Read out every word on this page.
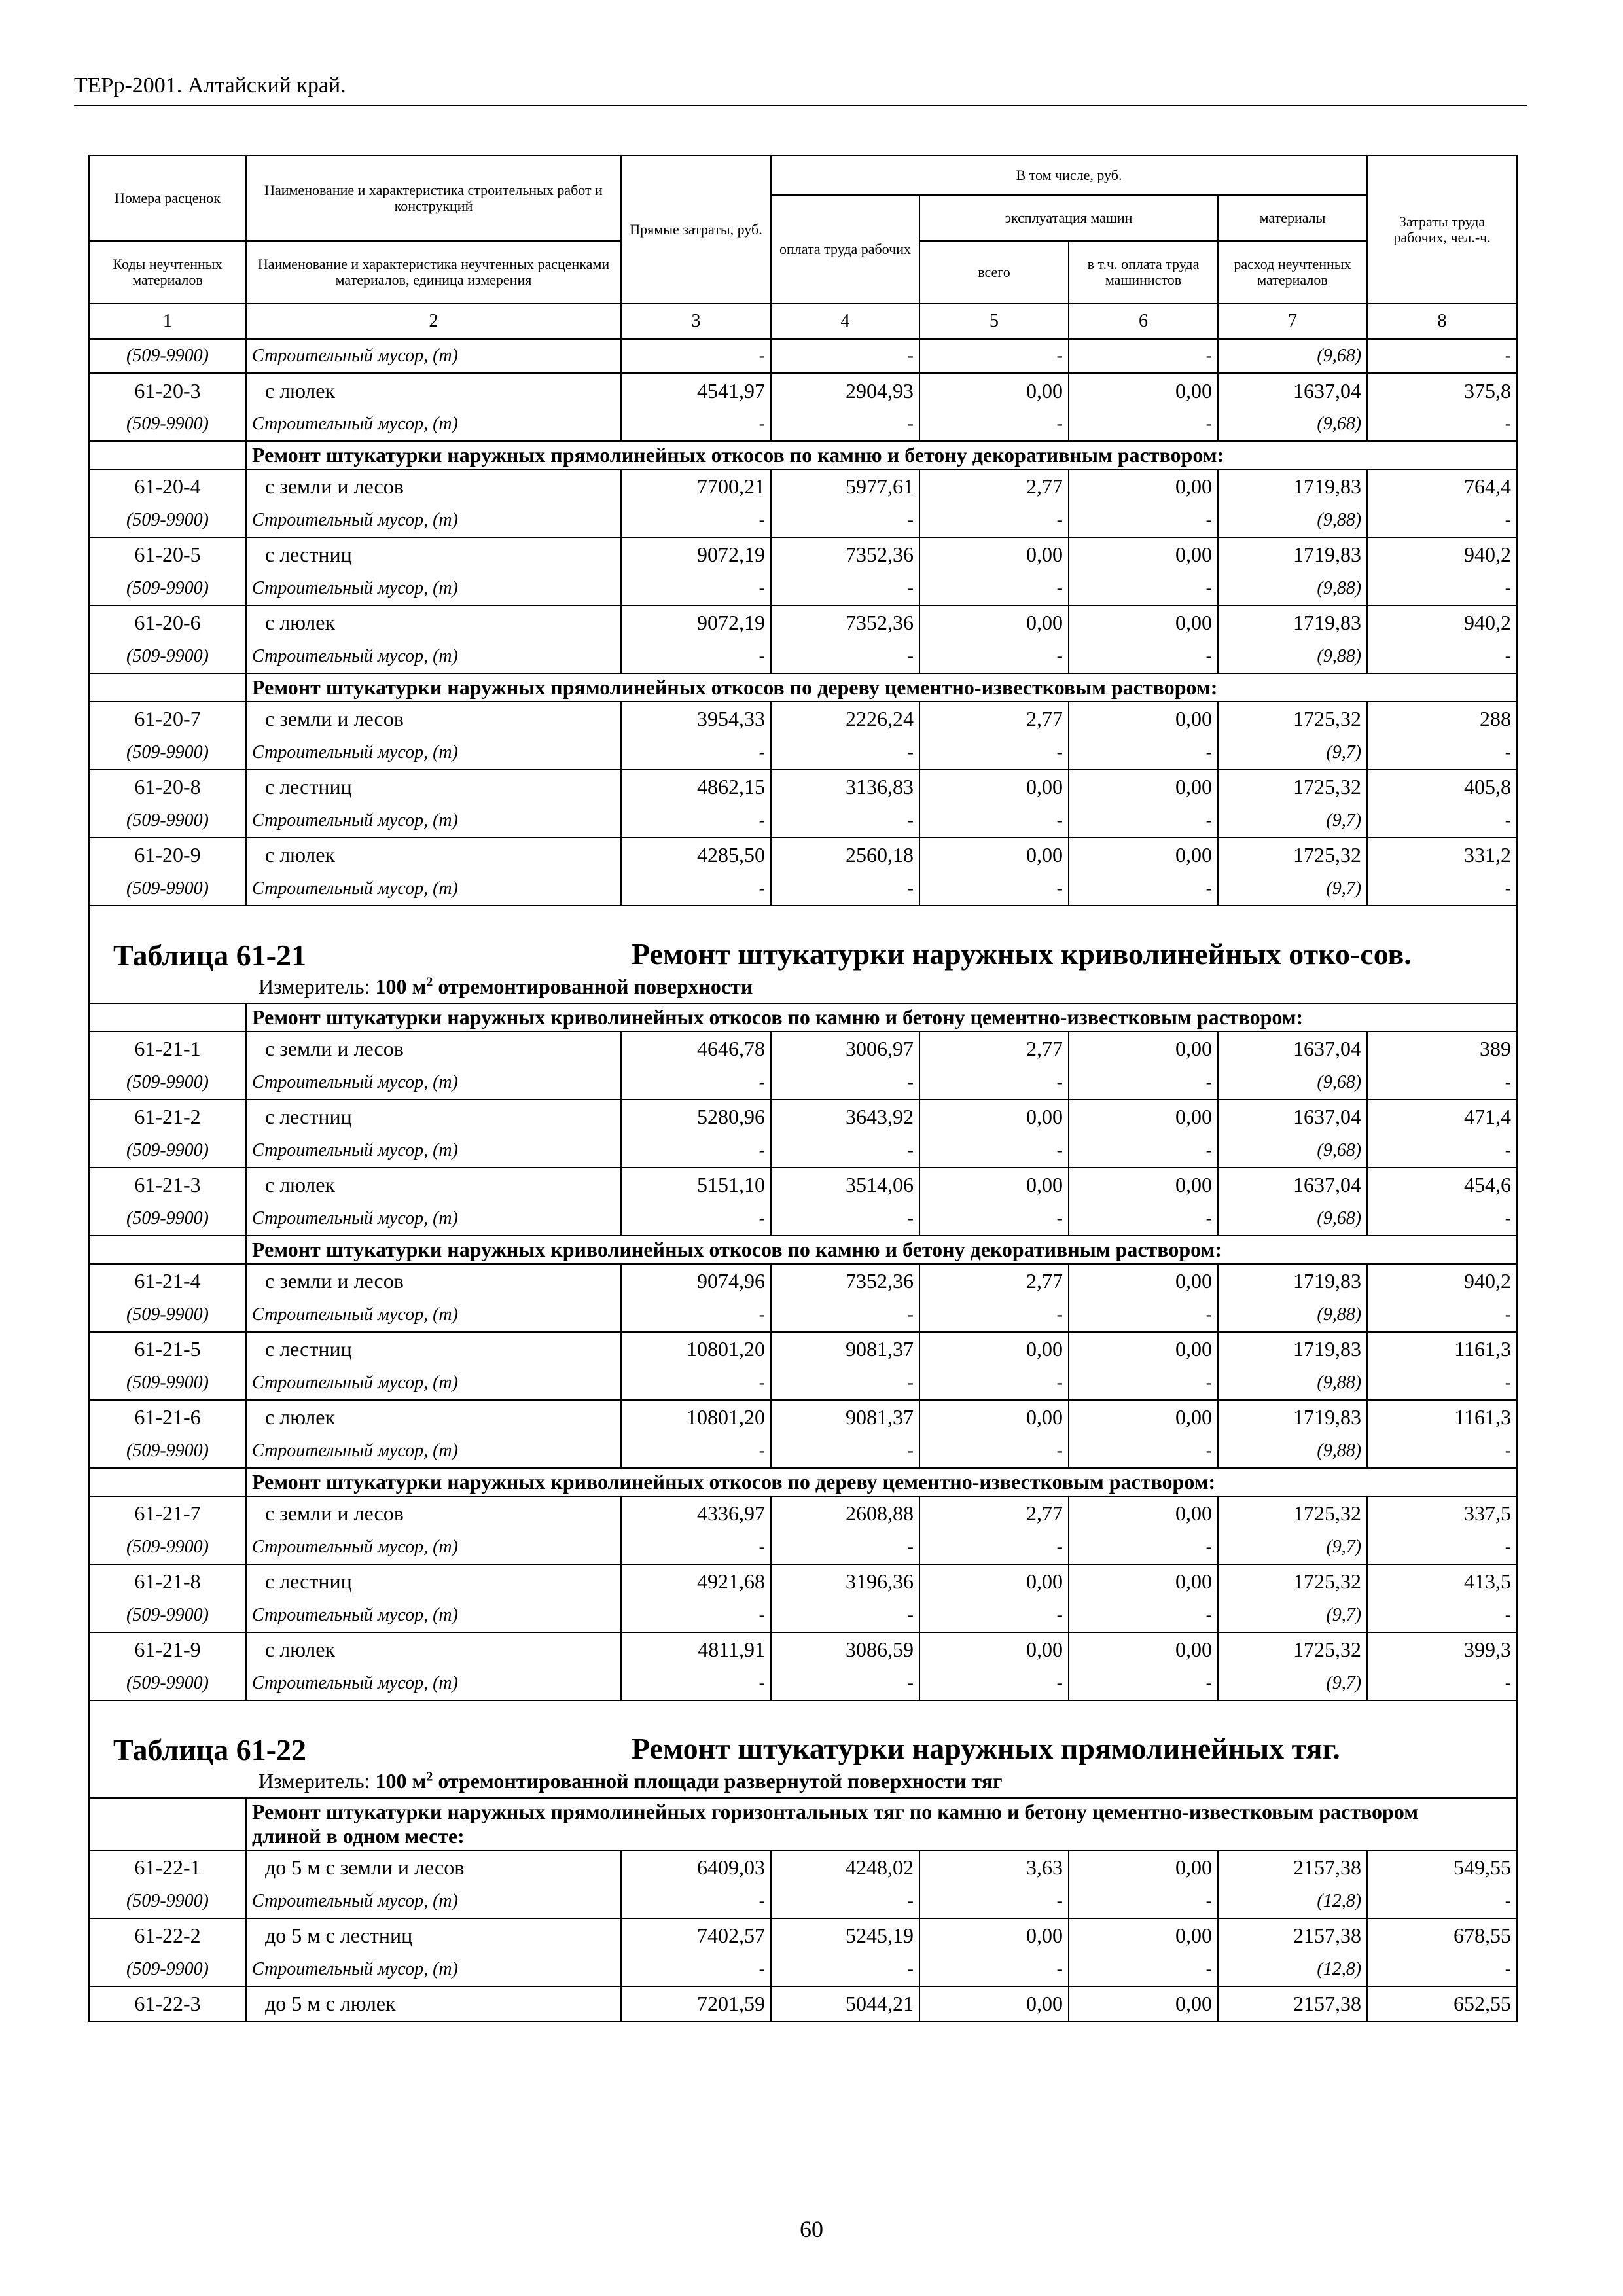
ТЕРр-2001. Алтайский край.
Номера расценок	Наименование и характеристика строительных работ и конструкций	Прямые затраты, руб.	В том числе, руб.				Затраты труда рабочих, чел.-ч.
			оплата труда рабочих	эксплуатация машин		материалы	
Коды неучтенных материалов	Наименование и характеристика неучтенных расценками материалов, единица измерения			всего	в т.ч. оплата труда машинистов	расход неучтенных материалов	
1	2	3	4	5	6	7	8
(509-9900)	Строительный мусор, (т)	-	-	-	-	(9,68)	-
61-20-3	с люлек	4541,97	2904,93	0,00	0,00	1637,04	375,8
(509-9900)	Строительный мусор, (т)	-	-	-	-	(9,68)	-
	Ремонт штукатурки наружных прямолинейных откосов по камню и бетону декоративным раствором:						
61-20-4	с земли и лесов	7700,21	5977,61	2,77	0,00	1719,83	764,4
(509-9900)	Строительный мусор, (т)	-	-	-	-	(9,88)	-
61-20-5	с лестниц	9072,19	7352,36	0,00	0,00	1719,83	940,2
(509-9900)	Строительный мусор, (т)	-	-	-	-	(9,88)	-
61-20-6	с люлек	9072,19	7352,36	0,00	0,00	1719,83	940,2
(509-9900)	Строительный мусор, (т)	-	-	-	-	(9,88)	-
	Ремонт штукатурки наружных прямолинейных откосов по дереву цементно-известковым раствором:						
61-20-7	с земли и лесов	3954,33	2226,24	2,77	0,00	1725,32	288
(509-9900)	Строительный мусор, (т)	-	-	-	-	(9,7)	-
61-20-8	с лестниц	4862,15	3136,83	0,00	0,00	1725,32	405,8
(509-9900)	Строительный мусор, (т)	-	-	-	-	(9,7)	-
61-20-9	с люлек	4285,50	2560,18	0,00	0,00	1725,32	331,2
(509-9900)	Строительный мусор, (т)	-	-	-	-	(9,7)	-

Таблица 61-21 Ремонт штукатурки наружных криволинейных отко-сов.
Измеритель: 100 $м^2$ отремонтированной поверхности							

	Ремонт штукатурки наружных криволинейных откосов по камню и бетону цементно-известковым раствором:						
61-21-1	с земли и лесов	4646,78	3006,97	2,77	0,00	1637,04	389
(509-9900)	Строительный мусор, (т)	-	-	-	-	(9,68)	-
61-21-2	с лестниц	5280,96	3643,92	0,00	0,00	1637,04	471,4
(509-9900)	Строительный мусор, (т)	-	-	-	-	(9,68)	-
61-21-3	с люлек	5151,10	3514,06	0,00	0,00	1637,04	454,6
(509-9900)	Строительный мусор, (т)	-	-	-	-	(9,68)	-
	Ремонт штукатурки наружных криволинейных откосов по камню и бетону декоративным раствором:						
61-21-4	с земли и лесов	9074,96	7352,36	2,77	0,00	1719,83	940,2
(509-9900)	Строительный мусор, (т)	-	-	-	-	(9,88)	-
61-21-5	с лестниц	10801,20	9081,37	0,00	0,00	1719,83	1161,3
(509-9900)	Строительный мусор, (т)	-	-	-	-	(9,88)	-
61-21-6	с люлек	10801,20	9081,37	0,00	0,00	1719,83	1161,3
(509-9900)	Строительный мусор, (т)	-	-	-	-	(9,88)	-
	Ремонт штукатурки наружных криволинейных откосов по дереву цементно-известковым раствором:						
61-21-7	с земли и лесов	4336,97	2608,88	2,77	0,00	1725,32	337,5
(509-9900)	Строительный мусор, (т)	-	-	-	-	(9,7)	-
61-21-8	с лестниц	4921,68	3196,36	0,00	0,00	1725,32	413,5
(509-9900)	Строительный мусор, (т)	-	-	-	-	(9,7)	-
61-21-9	с люлек	4811,91	3086,59	0,00	0,00	1725,32	399,3
(509-9900)	Строительный мусор, (т)	-	-	-	-	(9,7)	-

Таблица 61-22 Ремонт штукатурки наружных прямолинейных тяг.
Измеритель: 100 $м^2$ отремонтированной площади развернутой поверхности тяг							

	Ремонт штукатурки наружных прямолинейных горизонтальных тяг по камню и бетону цементно-известковым раствором длиной в одном месте:						
61-22-1	до 5 м с земли и лесов	6409,03	4248,02	3,63	0,00	2157,38	549,55
(509-9900)	Строительный мусор, (т)	-	-	-	-	(12,8)	-
61-22-2	до 5 м с лестниц	7402,57	5245,19	0,00	0,00	2157,38	678,55
(509-9900)	Строительный мусор, (т)	-	-	-	-	(12,8)	-
61-22-3	до 5 м с люлек	7201,59	5044,21	0,00	0,00	2157,38	652,55
60
